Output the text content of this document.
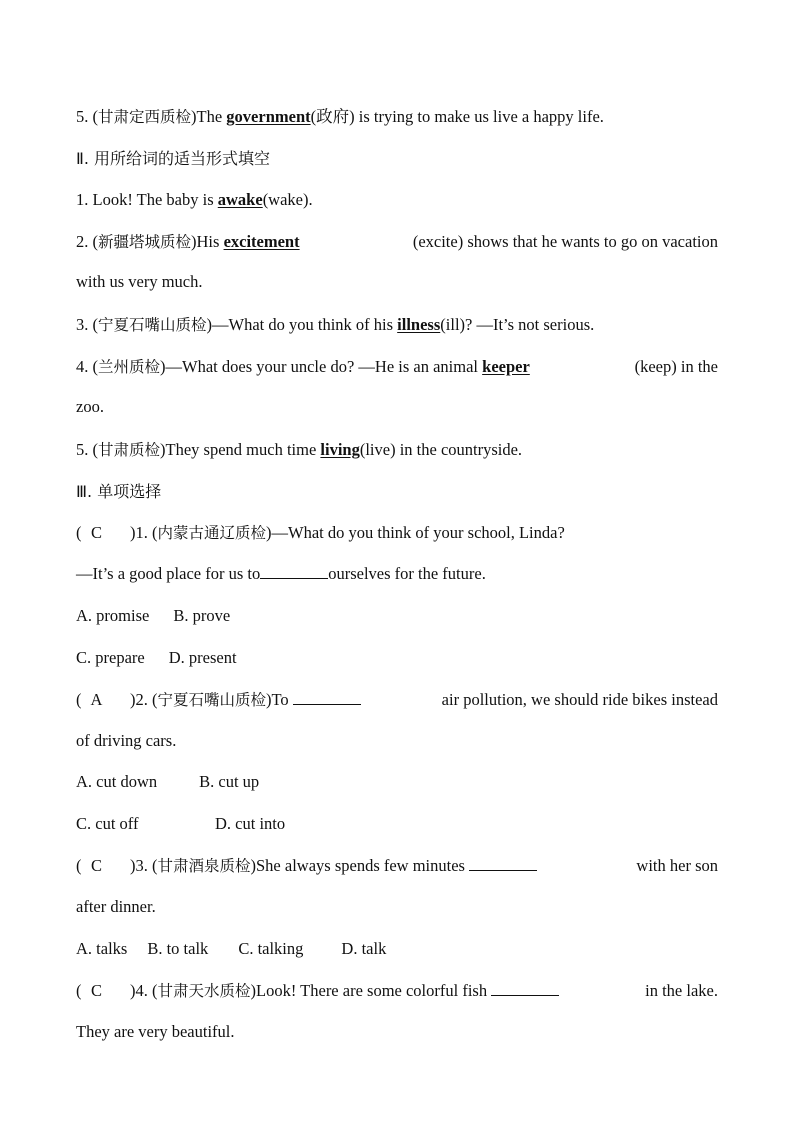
5. (甘肃定西质检)The government(政府) is trying to make us live a happy life.
Ⅱ. 用所给词的适当形式填空
1. Look! The baby is awake(wake).
2. (新疆塔城质检)His excitement	(excite) shows that he wants to go on vacation
with us very much.
3. (宁夏石嘴山质检)—What do you think of his illness(ill)? —It’s not serious.
4. (兰州质检)—What does your uncle do? —He is an animal keeper	(keep) in the
zoo.
5. (甘肃质检)They spend much time living(live) in the countryside.
Ⅲ. 单项选择
( C )1. (内蒙古通辽质检)—What do you think of your school, Linda?
—It’s a good place for us to	ourselves for the future.
A. promise B. prove
C. prepare D. present
( A )2. (宁夏石嘴山质检)To	air pollution, we should ride bikes instead
of driving cars.
A. cut down	B. cut up
C. cut off	D. cut into
( C )3. (甘肃酒泉质检)She always spends few minutes	with her son
after dinner.
A. talks B. to talk C. talking D. talk
( C )4. (甘肃天水质检)Look! There are some colorful fish	in the lake.
They are very beautiful.
